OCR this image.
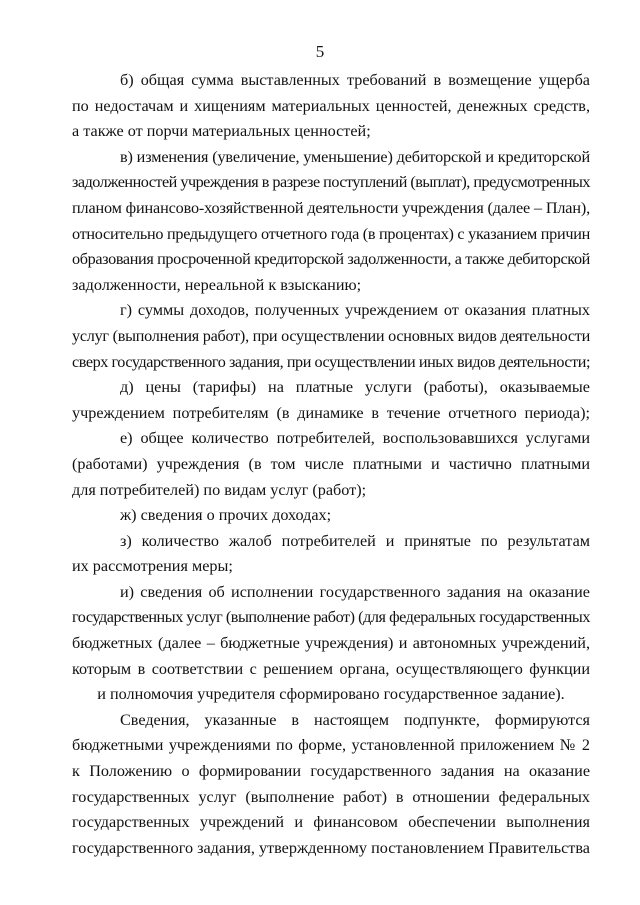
5
б) общая сумма выставленных требований в возмещение ущерба
по недостачам и хищениям материальных ценностей, денежных средств,
а также от порчи материальных ценностей;
в) изменения (увеличение, уменьшение) дебиторской и кредиторской
задолженностей учреждения в разрезе поступлений (выплат), предусмотренных
планом финансово-хозяйственной деятельности учреждения (далее – План),
относительно предыдущего отчетного года (в процентах) с указанием причин
образования просроченной кредиторской задолженности, а также дебиторской
задолженности, нереальной к взысканию;
г) суммы доходов, полученных учреждением от оказания платных
услуг (выполнения работ), при осуществлении основных видов деятельности
сверх государственного задания, при осуществлении иных видов деятельности;
д) цены (тарифы) на платные услуги (работы), оказываемые
учреждением потребителям (в динамике в течение отчетного периода);
е) общее количество потребителей, воспользовавшихся услугами
(работами) учреждения (в том числе платными и частично платными
для потребителей) по видам услуг (работ);
ж) сведения о прочих доходах;
з) количество жалоб потребителей и принятые по результатам
их рассмотрения меры;
и) сведения об исполнении государственного задания на оказание
государственных услуг (выполнение работ) (для федеральных государственных
бюджетных (далее – бюджетные учреждения) и автономных учреждений,
которым в соответствии с решением органа, осуществляющего функции
и полномочия учредителя сформировано государственное задание).
Сведения, указанные в настоящем подпункте, формируются
бюджетными учреждениями по форме, установленной приложением № 2
к Положению о формировании государственного задания на оказание
государственных услуг (выполнение работ) в отношении федеральных
государственных учреждений и финансовом обеспечении выполнения
государственного задания, утвержденному постановлением Правительства
